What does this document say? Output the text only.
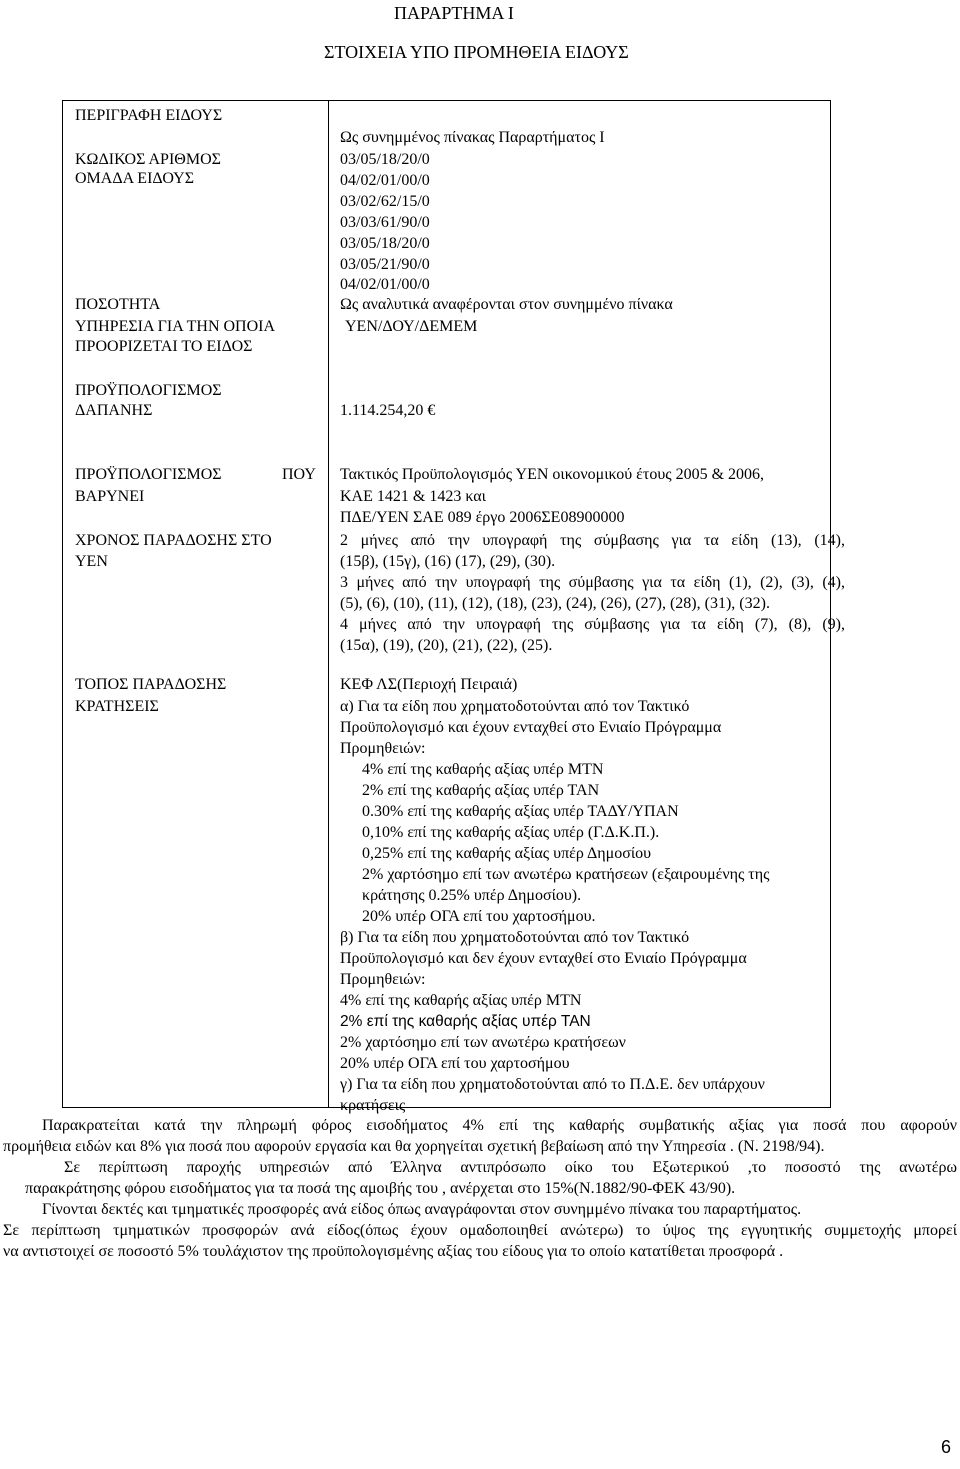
ΠΑΡΑΡΤΗΜΑ Ι
ΣΤΟΙΧΕΙΑ ΥΠΟ ΠΡΟΜΗΘΕΙΑ ΕΙΔΟΥΣ
ΠΕΡΙΓΡΑΦΗ ΕΙΔΟΥΣ
ΚΩΔΙΚΟΣ ΑΡΙΘΜΟΣ
ΟΜΑΔΑ ΕΙΔΟΥΣ
ΠΟΣΟΤΗΤΑ
ΥΠΗΡΕΣΙΑ ΓΙΑ ΤΗΝ ΟΠΟΙΑ
ΠΡΟΟΡΙΖΕΤΑΙ ΤΟ ΕΙΔΟΣ
ΠΡΟΫΠΟΛΟΓΙΣΜΟΣ
ΔΑΠΑΝΗΣ
ΠΡΟΫΠΟΛΟΓΙΣΜΟΣ	ΠΟΥ
ΒΑΡΥΝΕΙ
ΧΡΟΝΟΣ ΠΑΡΑΔΟΣΗΣ ΣΤΟ
ΥΕΝ
ΤΟΠΟΣ ΠΑΡΑΔΟΣΗΣ
ΚΡΑΤΗΣΕΙΣ
Ως συνημμένος πίνακας Παραρτήματος Ι
03/05/18/20/0
04/02/01/00/0
03/02/62/15/0
03/03/61/90/0
03/05/18/20/0
03/05/21/90/0
04/02/01/00/0
Ως αναλυτικά αναφέρονται στον συνημμένο πίνακα
ΥΕΝ/ΔΟΥ/ΔΕΜΕΜ
1.114.254,20 €
Τακτικός Προϋπολογισμός ΥΕΝ οικονομικού έτους 2005 & 2006,
ΚΑΕ 1421 & 1423 και
ΠΔΕ/ΥΕΝ ΣΑΕ 089 έργο 2006ΣΕ08900000
2 μήνες από την υπογραφή της σύμβασης για τα είδη (13), (14),
(15β), (15γ), (16) (17), (29), (30).
3 μήνες από την υπογραφή της σύμβασης για τα είδη (1), (2), (3), (4),
(5), (6), (10), (11), (12), (18), (23), (24), (26), (27), (28), (31), (32).
4 μήνες από την υπογραφή της σύμβασης για τα είδη (7), (8), (9),
(15α), (19), (20), (21), (22), (25).
ΚΕΦ ΛΣ(Περιοχή Πειραιά)
α) Για τα είδη που χρηματοδοτούνται από τον Τακτικό
Προϋπολογισμό και έχουν ενταχθεί στο Ενιαίο Πρόγραμμα
Προμηθειών:
4% επί της καθαρής αξίας υπέρ ΜΤΝ
2% επί της καθαρής αξίας υπέρ ΤΑΝ
0.30% επί της καθαρής αξίας υπέρ ΤΑΔΥ/ΥΠΑΝ
0,10% επί της καθαρής αξίας υπέρ (Γ.Δ.Κ.Π.).
0,25% επί της καθαρής αξίας υπέρ Δημοσίου
2% χαρτόσημο επί των ανωτέρω κρατήσεων (εξαιρουμένης της
κράτησης 0.25% υπέρ Δημοσίου).
20% υπέρ ΟΓΑ επί του χαρτοσήμου.
β) Για τα είδη που χρηματοδοτούνται από τον Τακτικό
Προϋπολογισμό και δεν έχουν ενταχθεί στο Ενιαίο Πρόγραμμα
Προμηθειών:
4% επί της καθαρής αξίας υπέρ ΜΤΝ
2% επί της καθαρής αξίας υπέρ ΤΑΝ
2% χαρτόσημο επί των ανωτέρω κρατήσεων
20% υπέρ ΟΓΑ επί του χαρτοσήμου
γ) Για τα είδη που χρηματοδοτούνται από το Π.Δ.Ε. δεν υπάρχουν
κρατήσεις
Παρακρατείται κατά την πληρωμή φόρος εισοδήματος 4% επί της καθαρής συμβατικής αξίας για ποσά που αφορούν
προμήθεια ειδών και 8% για ποσά που αφορούν εργασία και θα χορηγείται σχετική βεβαίωση από την Υπηρεσία . (Ν. 2198/94).
Σε περίπτωση παροχής υπηρεσιών από Έλληνα αντιπρόσωπο οίκο του Εξωτερικού ,το ποσοστό της ανωτέρω
παρακράτησης φόρου εισοδήματος για τα ποσά της αμοιβής του , ανέρχεται στο 15%(Ν.1882/90-ΦΕΚ 43/90).
Γίνονται δεκτές και τμηματικές προσφορές ανά είδος όπως αναγράφονται στον συνημμένο πίνακα του παραρτήματος.
Σε περίπτωση τμηματικών προσφορών ανά είδος(όπως έχουν ομαδοποιηθεί ανώτερω) το ύψος της εγγυητικής συμμετοχής μπορεί
να αντιστοιχεί σε ποσοστό 5% τουλάχιστον της προϋπολογισμένης αξίας του είδους για το οποίο κατατίθεται προσφορά .
6
